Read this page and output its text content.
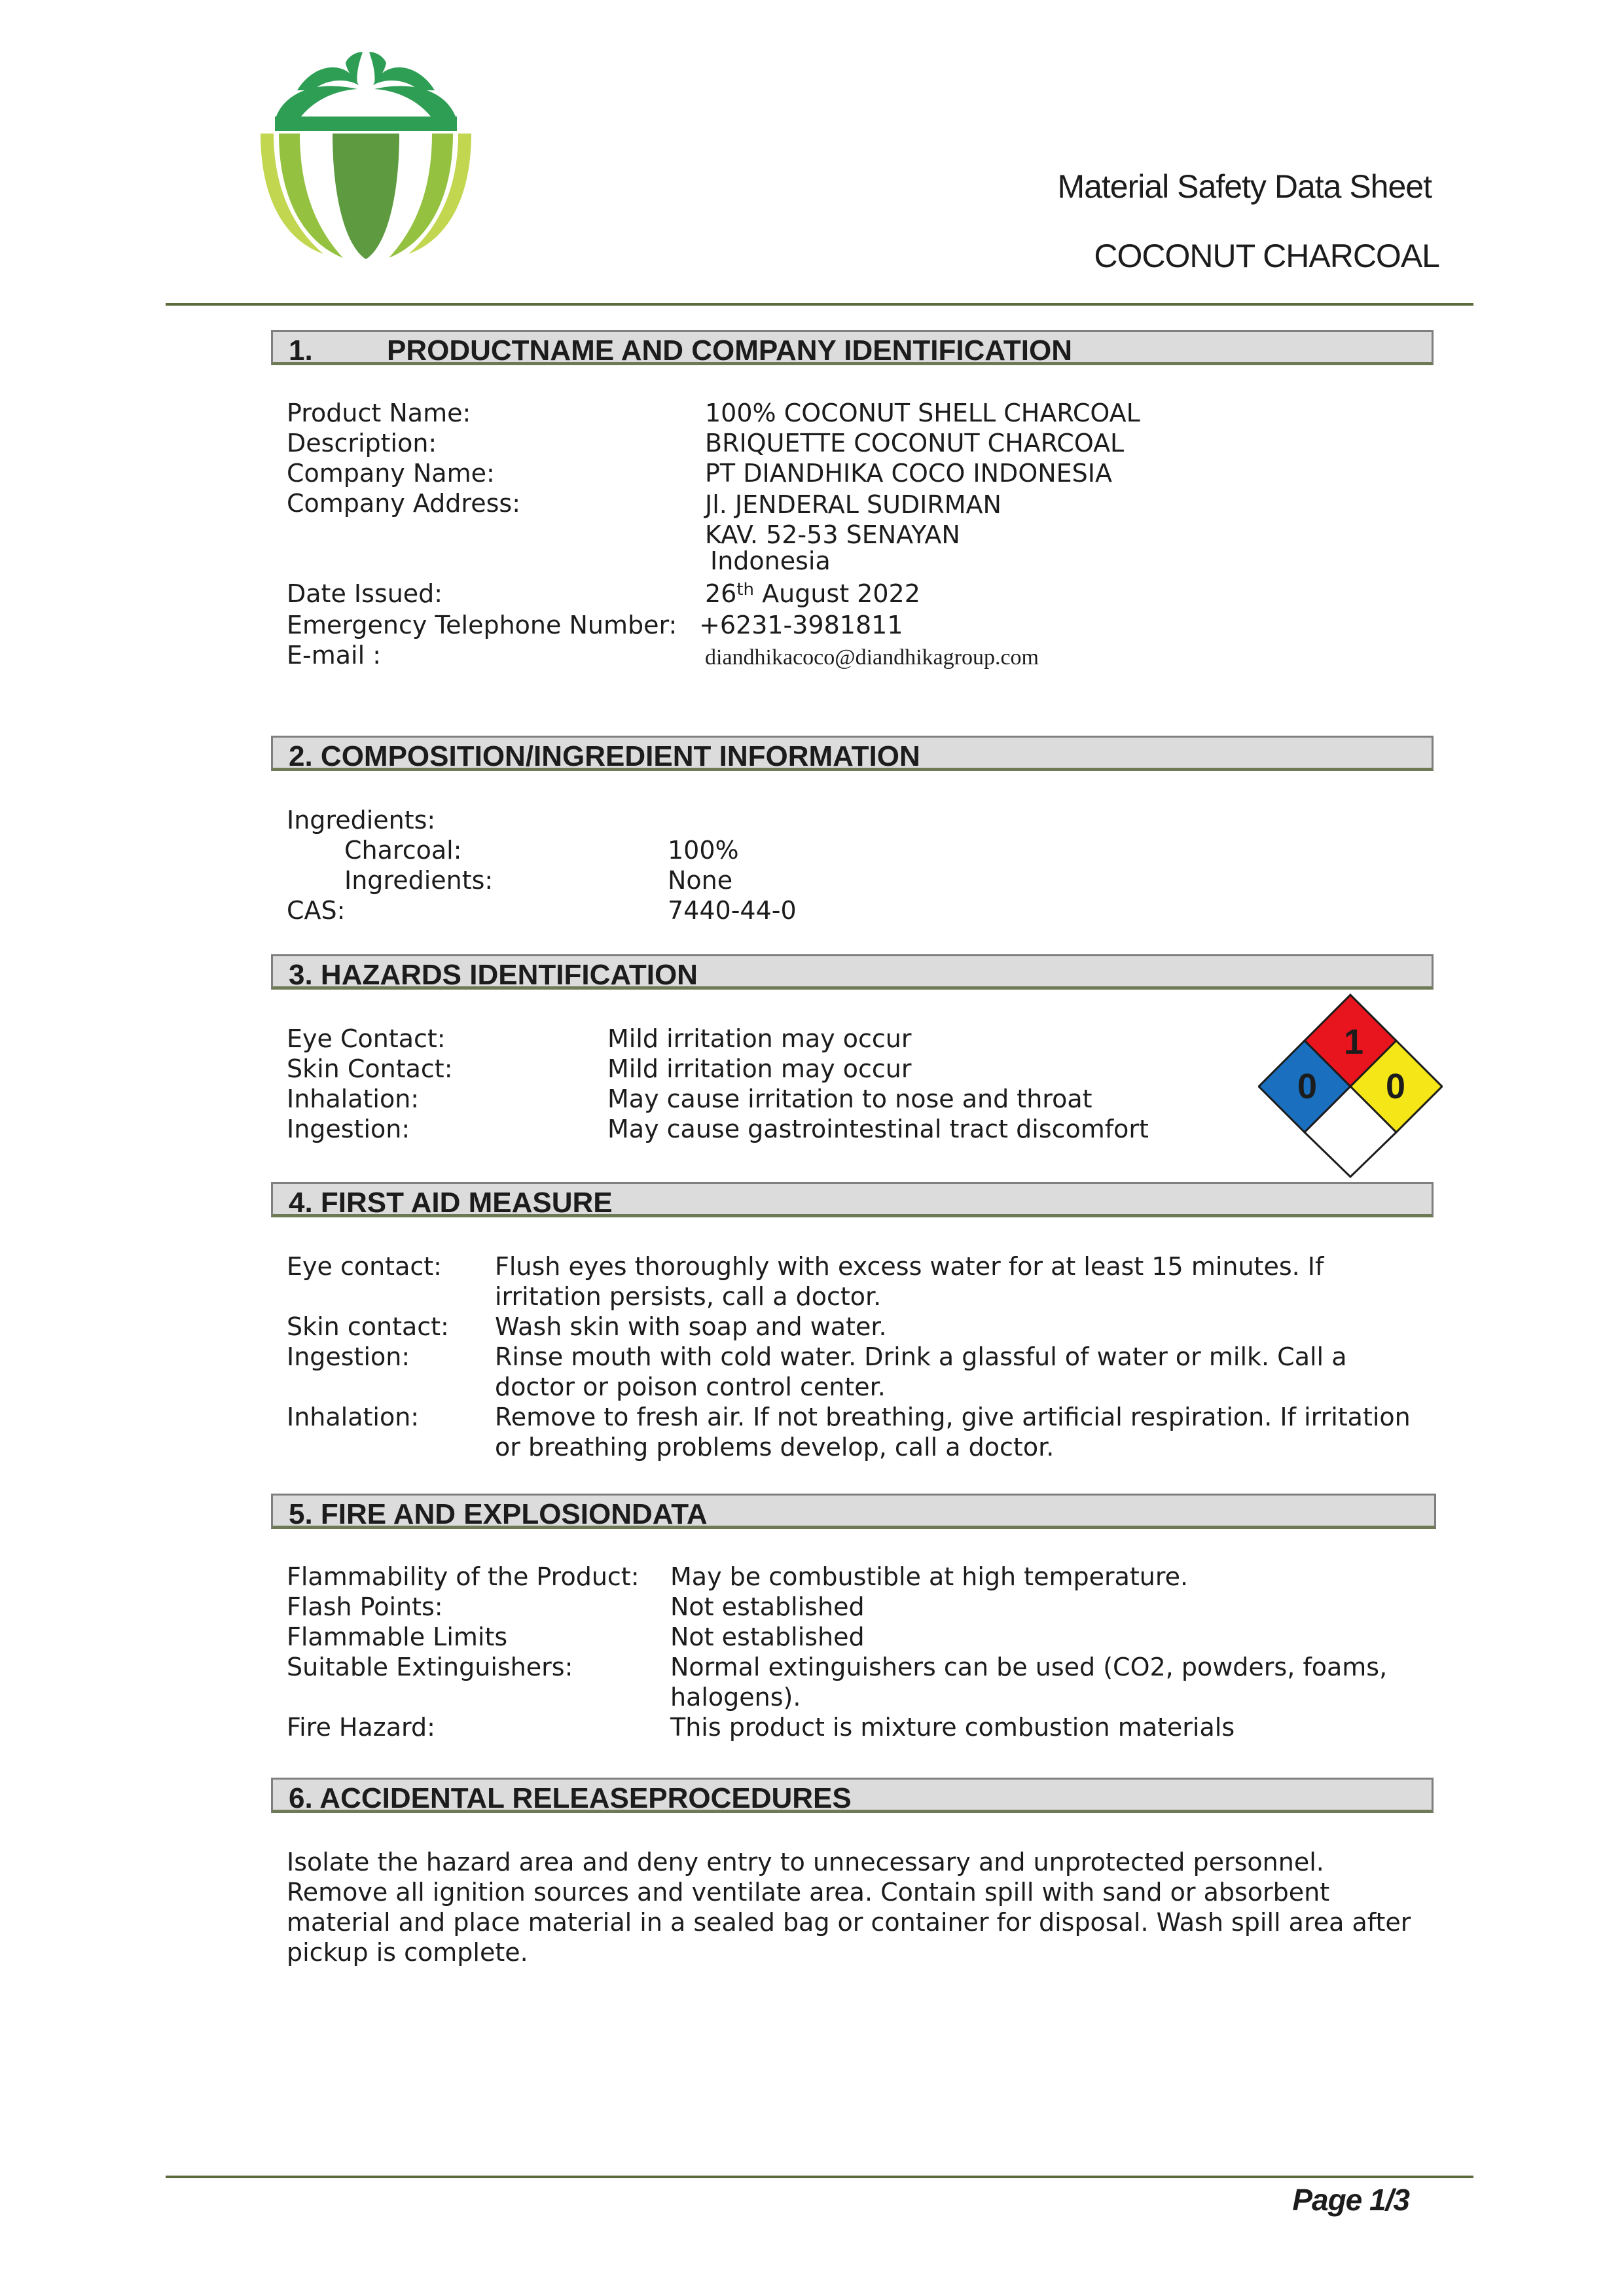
Material Safety Data Sheet
COCONUT CHARCOAL
1.	PRODUCTNAME AND COMPANY IDENTIFICATION
Product Name:	100% COCONUT SHELL CHARCOAL
Description:	BRIQUETTE COCONUT CHARCOAL
Company Name:	PT DIANDHIKA COCO INDONESIA
Company Address:	Jl. JENDERAL SUDIRMAN
KAV. 52-53 SENAYAN
Indonesia
Date Issued:	26th August 2022
Emergency Telephone Number: +6231-3981811
E-mail :	diandhikacoco@diandhikagroup.com
2. COMPOSITION/INGREDIENT INFORMATION
Ingredients:
Charcoal:	100%
Ingredients:	None
CAS:	7440-44-0
3. HAZARDS IDENTIFICATION
Eye Contact:	Mild irritation may occur
Skin Contact:	Mild irritation may occur
Inhalation:	May cause irritation to nose and throat
Ingestion:	May cause gastrointestinal tract discomfort
1
0 0
4. FIRST AID MEASURE
Eye contact: Flush eyes thoroughly with excess water for at least 15 minutes. If
irritation persists, call a doctor.
Skin contact: Wash skin with soap and water.
Ingestion:	Rinse mouth with cold water. Drink a glassful of water or milk. Call a
doctor or poison control center.
Inhalation:	Remove to fresh air. If not breathing, give artificial respiration. If irritation
or breathing problems develop, call a doctor.
5. FIRE AND EXPLOSIONDATA
Flammability of the Product: May be combustible at high temperature.
Flash Points:	Not established
Flammable Limits	Not established
Suitable Extinguishers:	Normal extinguishers can be used (CO2, powders, foams,
halogens).
Fire Hazard:	This product is mixture combustion materials
6. ACCIDENTAL RELEASEPROCEDURES
Isolate the hazard area and deny entry to unnecessary and unprotected personnel.
Remove all ignition sources and ventilate area. Contain spill with sand or absorbent
material and place material in a sealed bag or container for disposal. Wash spill area after
pickup is complete.
Page 1/3
